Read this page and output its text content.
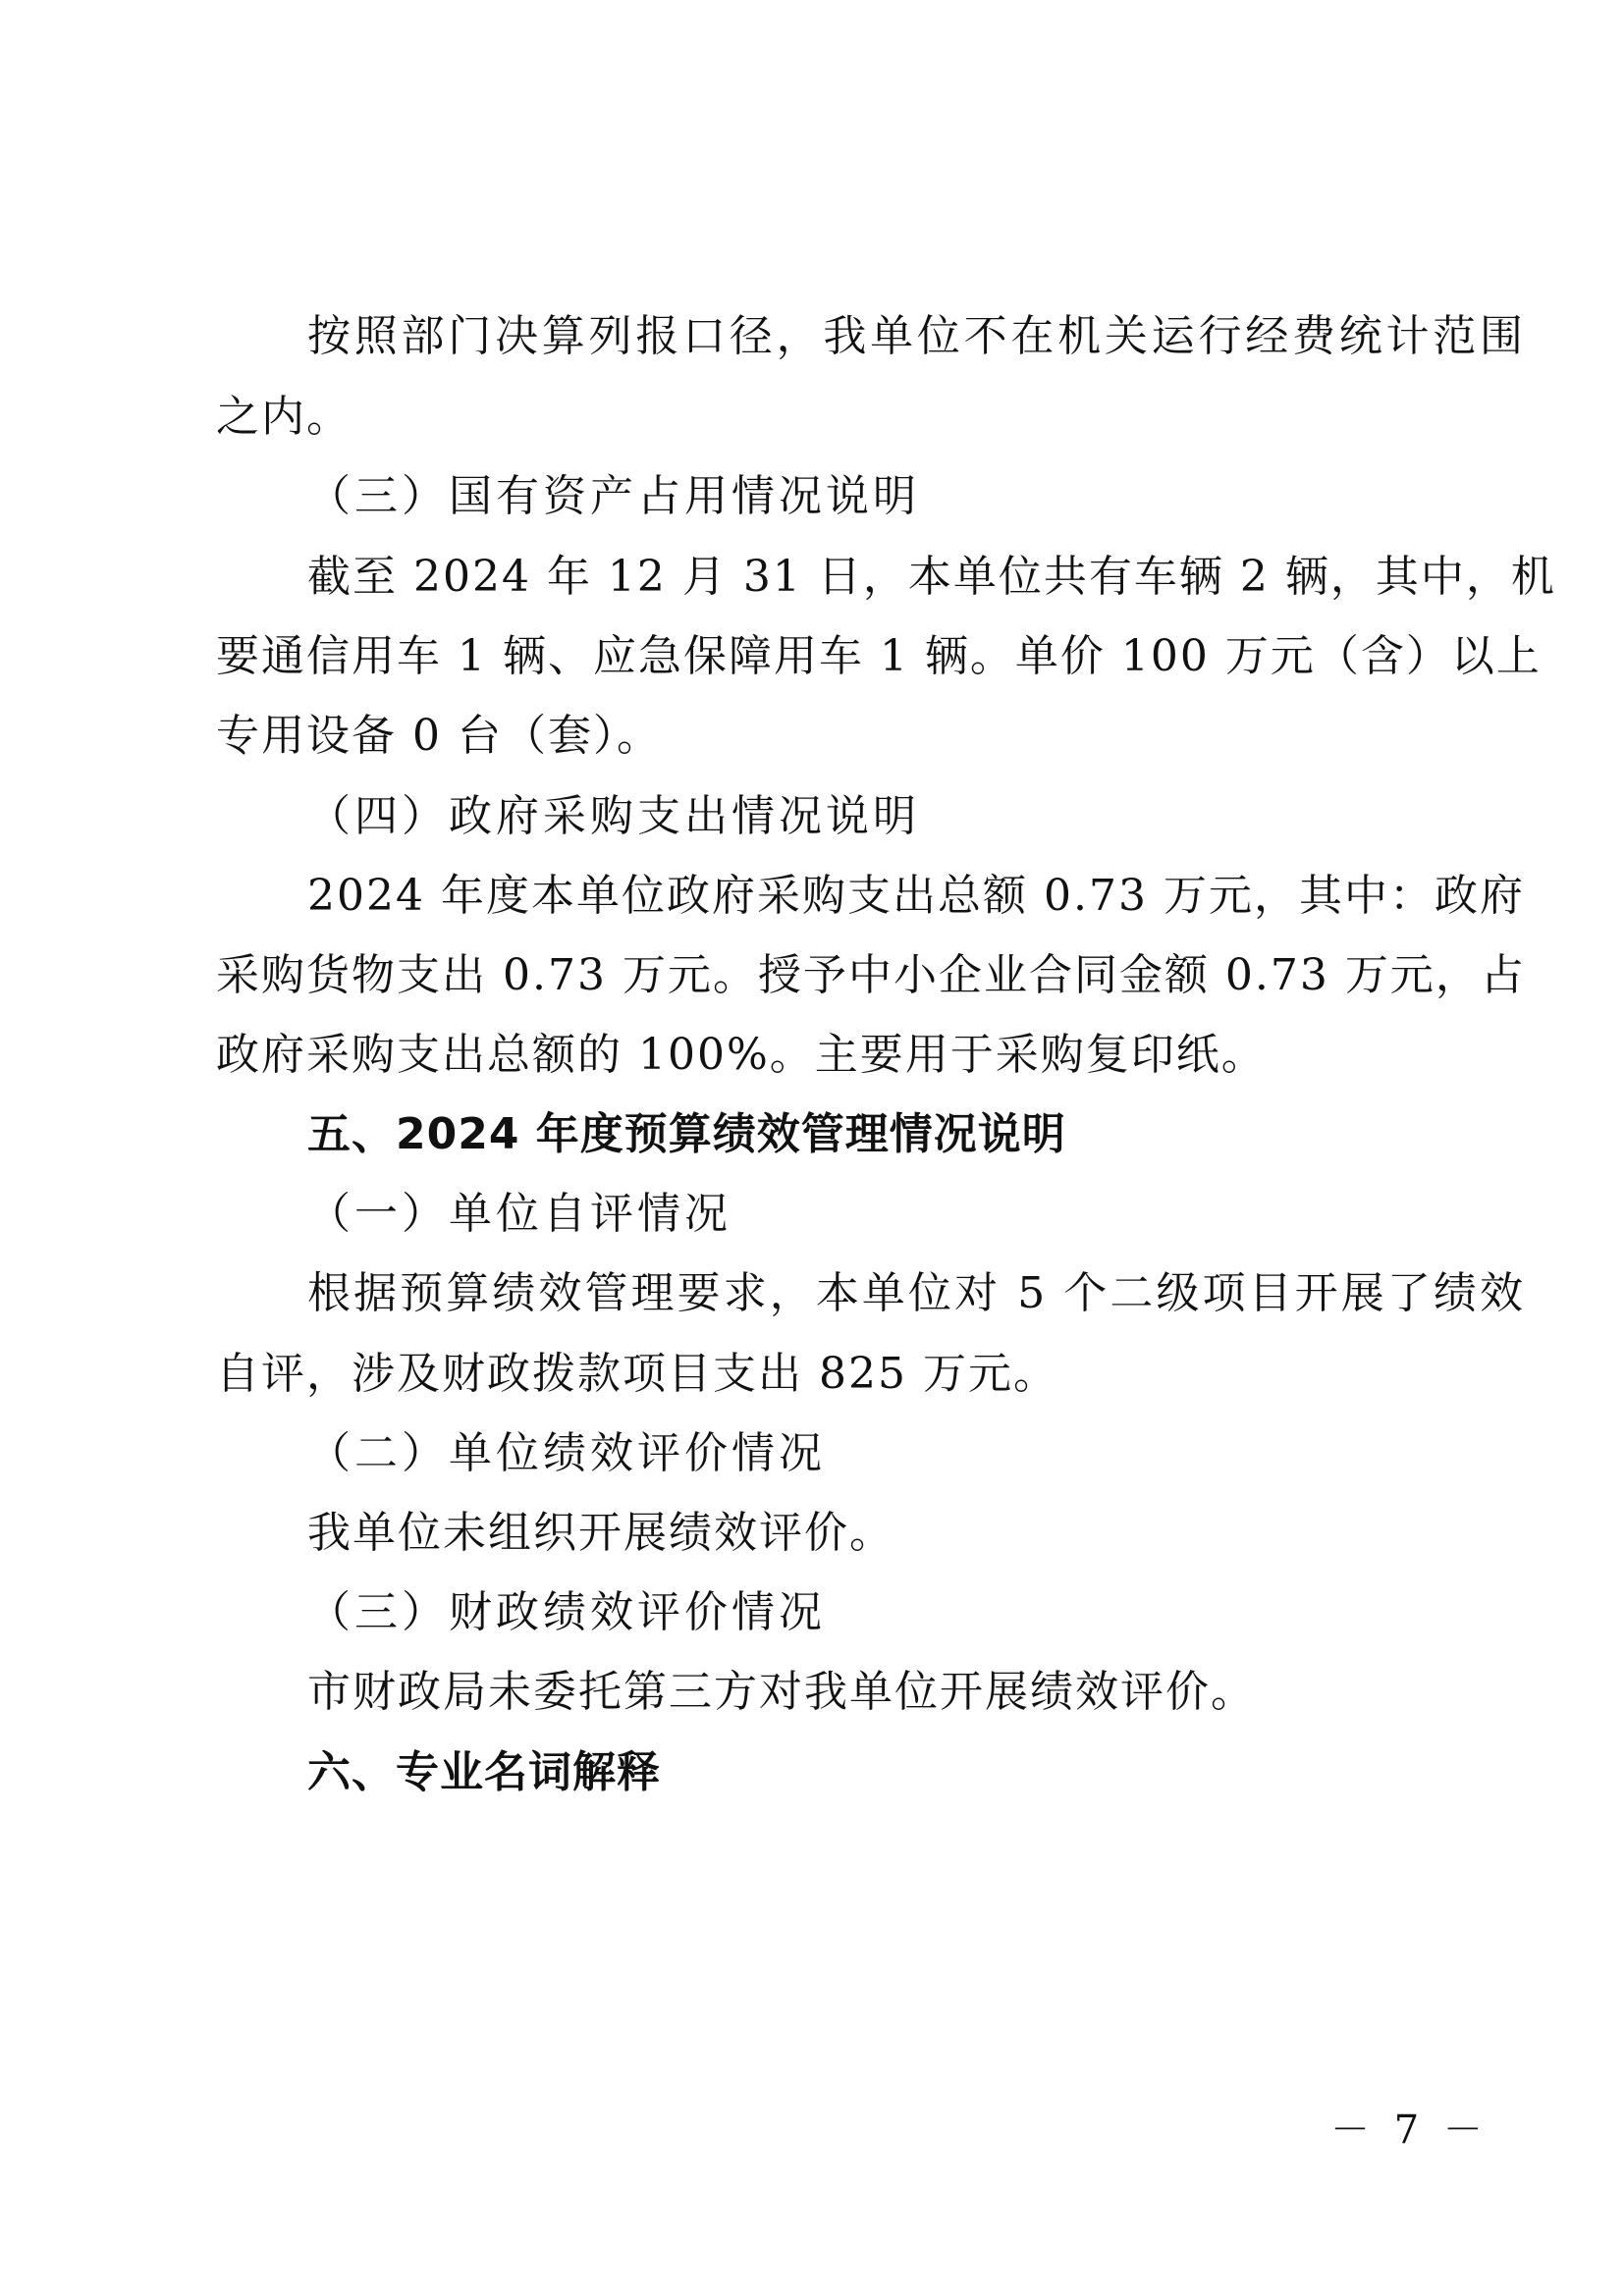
按照部门决算列报口径，我单位不在机关运行经费统计范围
之内。
（三）国有资产占用情况说明
截至 2024 年 12 月 31 日，本单位共有车辆 2 辆，其中，机
要通信用车 1 辆、应急保障用车 1 辆。单价 100 万元（含）以上
专用设备 0 台（套）。
（四）政府采购支出情况说明
2024 年度本单位政府采购支出总额 0.73 万元，其中：政府
采购货物支出 0.73 万元。授予中小企业合同金额 0.73 万元，占
政府采购支出总额的 100%。主要用于采购复印纸。
五、2024 年度预算绩效管理情况说明
（一）单位自评情况
根据预算绩效管理要求，本单位对 5 个二级项目开展了绩效
自评，涉及财政拨款项目支出 825 万元。
（二）单位绩效评价情况
我单位未组织开展绩效评价。
（三）财政绩效评价情况
市财政局未委托第三方对我单位开展绩效评价。
六、专业名词解释
－ 7 －
